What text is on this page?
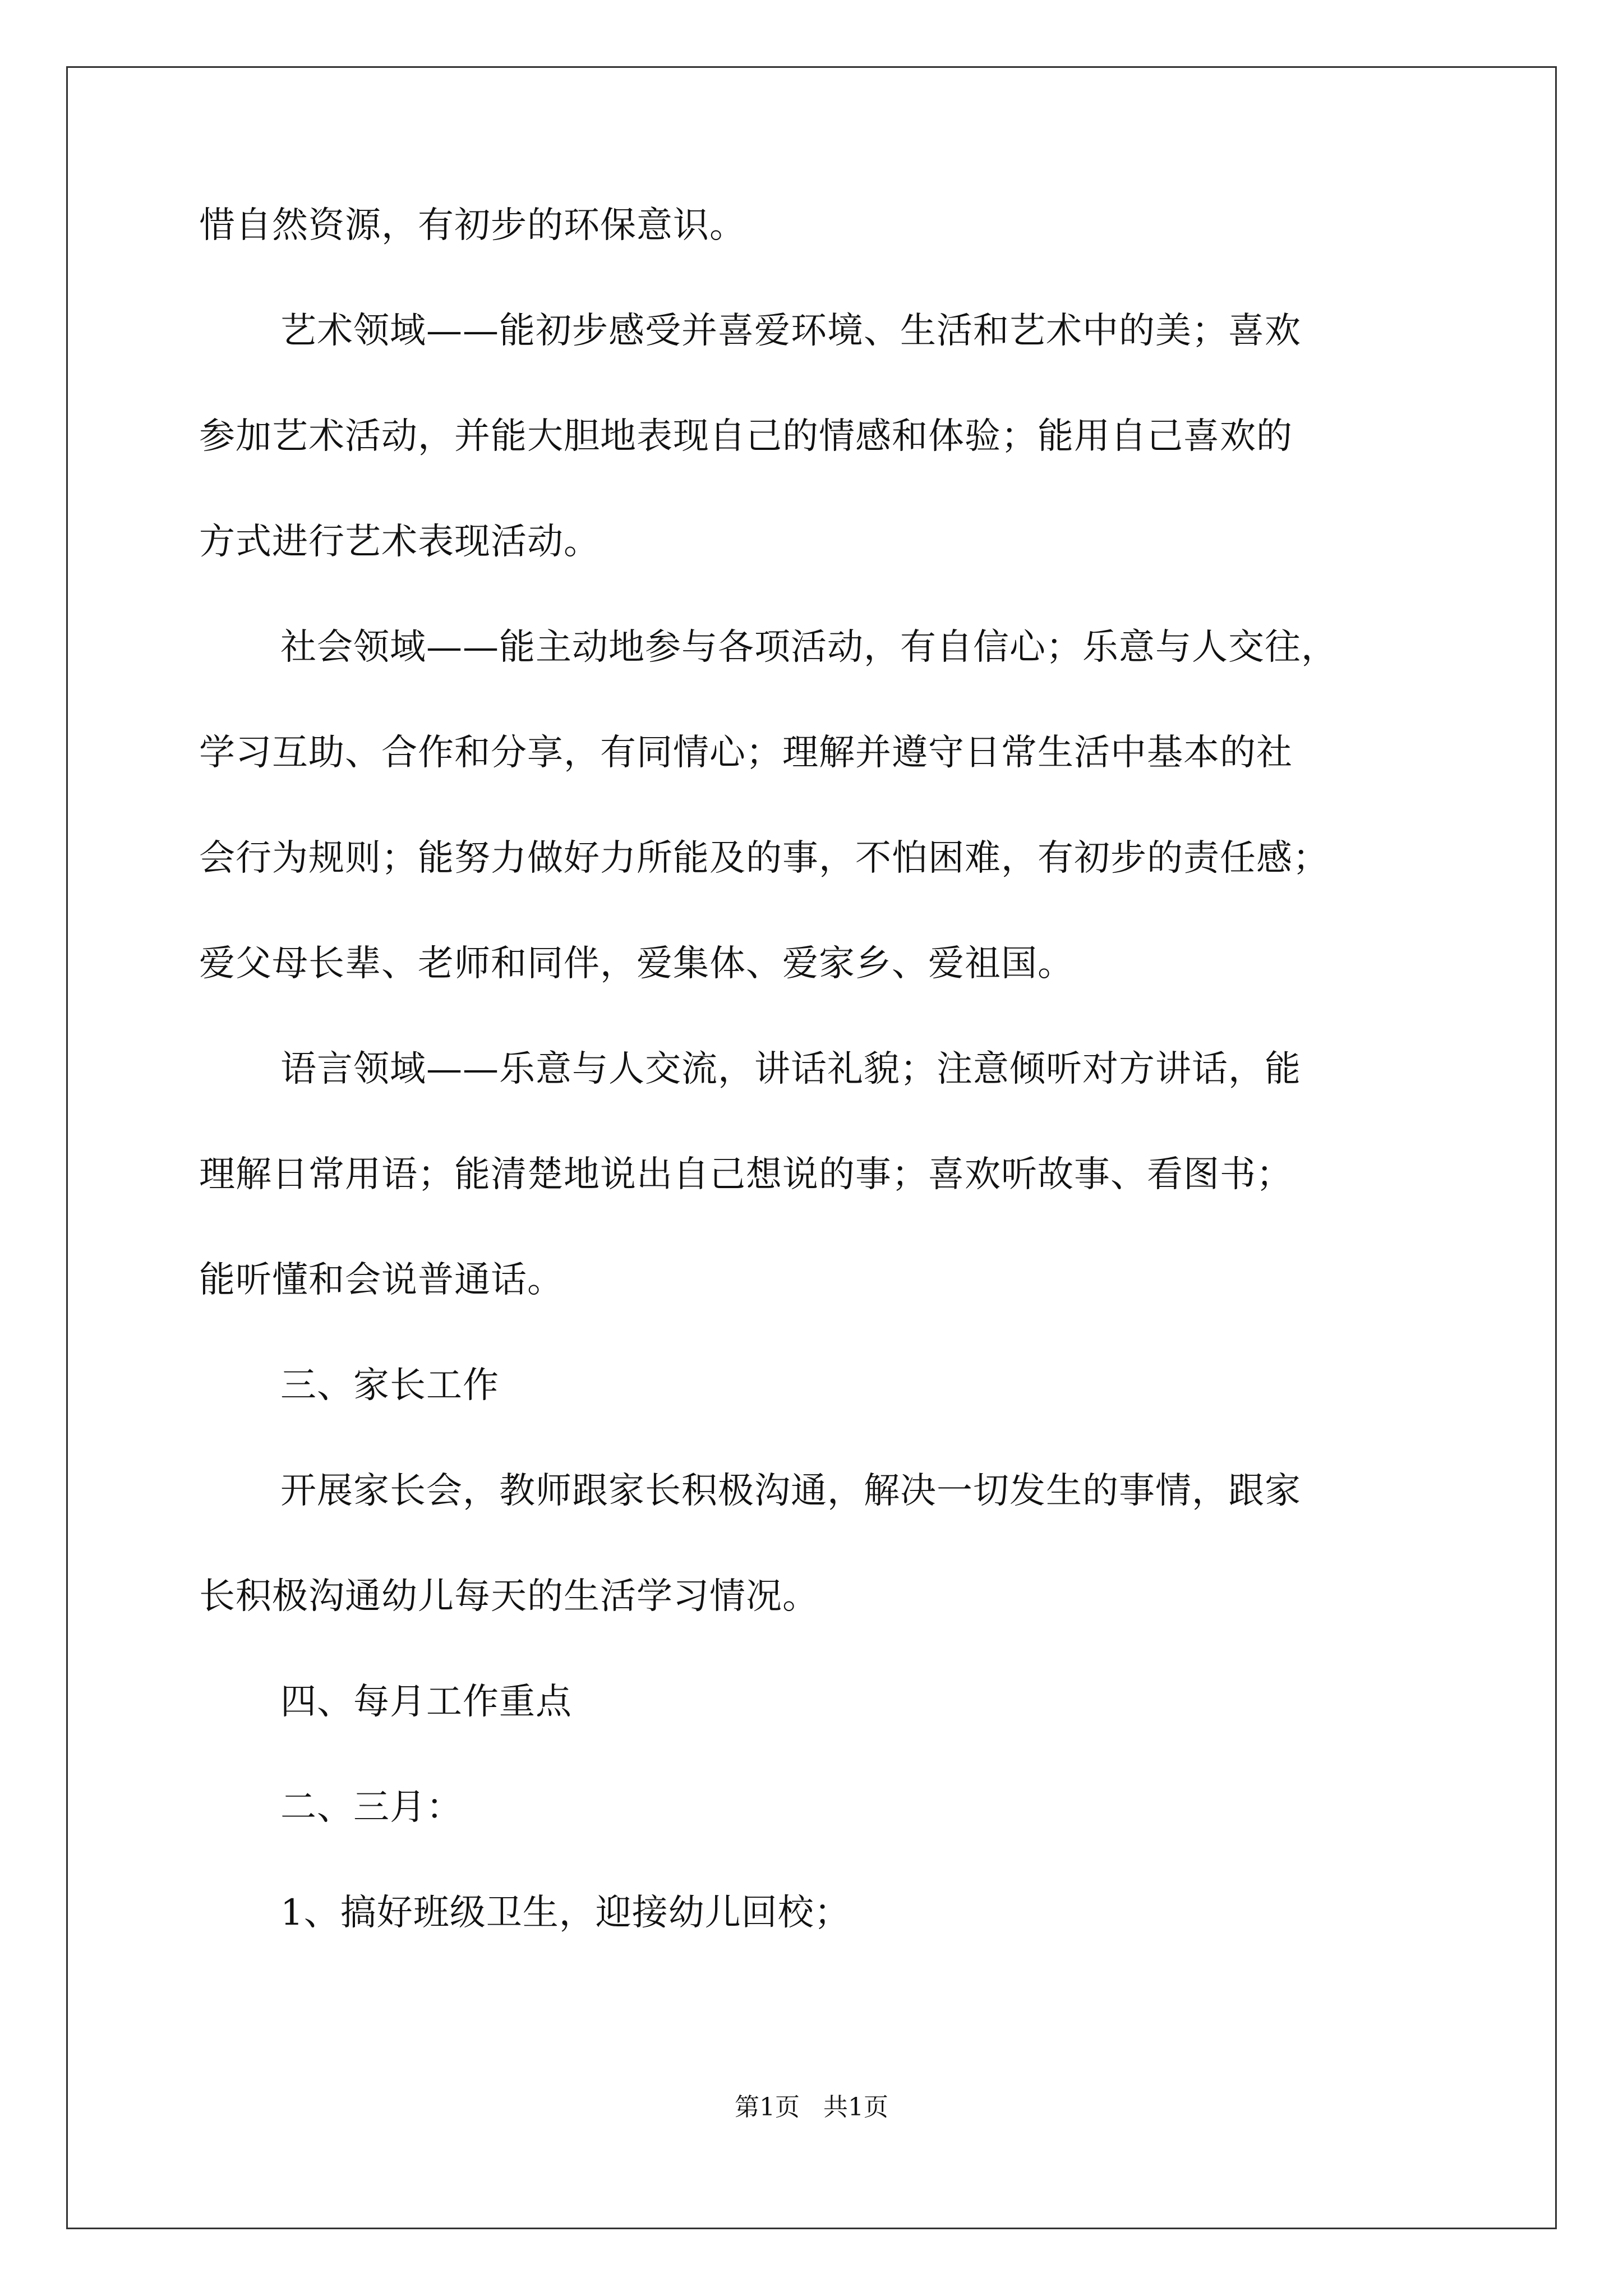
惜自然资源，有初步的环保意识。
艺术领域——能初步感受并喜爱环境、生活和艺术中的美；喜欢
参加艺术活动，并能大胆地表现自己的情感和体验；能用自己喜欢的
方式进行艺术表现活动。
社会领域——能主动地参与各项活动，有自信心；乐意与人交往，
学习互助、合作和分享，有同情心；理解并遵守日常生活中基本的社
会行为规则；能努力做好力所能及的事，不怕困难，有初步的责任感；
爱父母长辈、老师和同伴，爱集体、爱家乡、爱祖国。
语言领域——乐意与人交流，讲话礼貌；注意倾听对方讲话，能
理解日常用语；能清楚地说出自己想说的事；喜欢听故事、看图书；
能听懂和会说普通话。
三、家长工作
开展家长会，教师跟家长积极沟通，解决一切发生的事情，跟家
长积极沟通幼儿每天的生活学习情况。
四、每月工作重点
二、三月：
1、搞好班级卫生，迎接幼儿回校；
第1页   共1页
